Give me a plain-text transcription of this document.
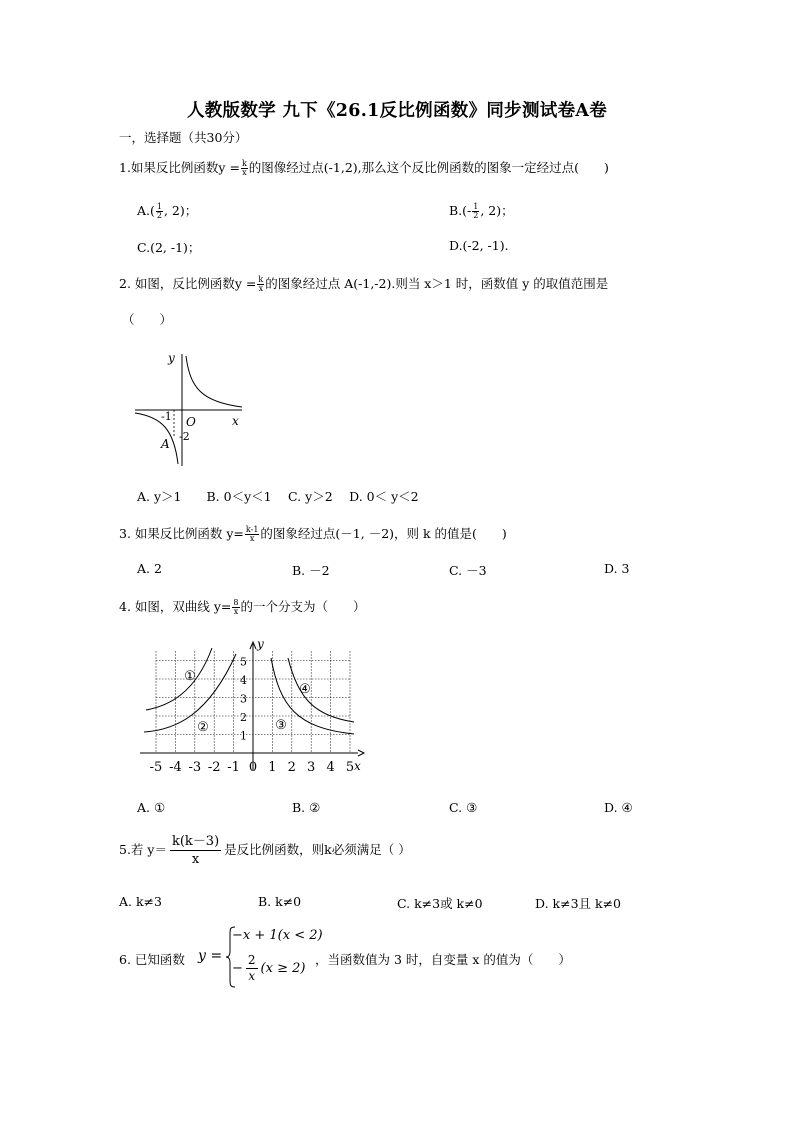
人教版数学 九下《26.1反比例函数》同步测试卷A卷
一，选择题（共30分）
1.如果反比例函数$y = \frac{k}{x}$ 的图像经过点(-1,2),那么这个反比例函数的图象一定经过点(　　)
$A.( \frac{1}{2}$ , 2)；	$B.(- \frac{1}{2}$ , 2)；
C.(2, -1)；	D.(-2, -1).
2. 如图，反比例函数$y = \frac{k}{x}$ 的图象经过点 A(-1,-2).则当 x＞1 时，函数值 y 的取值范围是
（　　）
y
x
O
-1
-2
A
A. y＞1　　B. 0＜y＜1　 C. y＞2　 D. 0＜ y＜2
3. 如果反比例函数 $y= \frac{k-1}{x}$ 的图象经过点(－1, －2)，则 k 的值是(　　)
A. 2	B. －2	C. －3	D. 3
4. 如图，双曲线 $y= \frac{8}{x}$ 的一个分支为（　　）
-5 -4 -3 -2 -1 0 1 2 3 4 5
1
2
3
4
5
x
y
①
②	③
④
A. ①	B. ②	C. ③	D. ④
5.若 $y= \frac{k(k-3)}{x}$ 是反比例函数，则k必须满足（ ）
A. k≠3	B. k≠0	C. k≠3或 k≠0	D. k≠3且 k≠0
6. 已知函数 y =
−x + 1(x < 2)
− $\frac{2}{x} (x \ge 2)$
，当函数值为 3 时，自变量 x 的值为（　　）
